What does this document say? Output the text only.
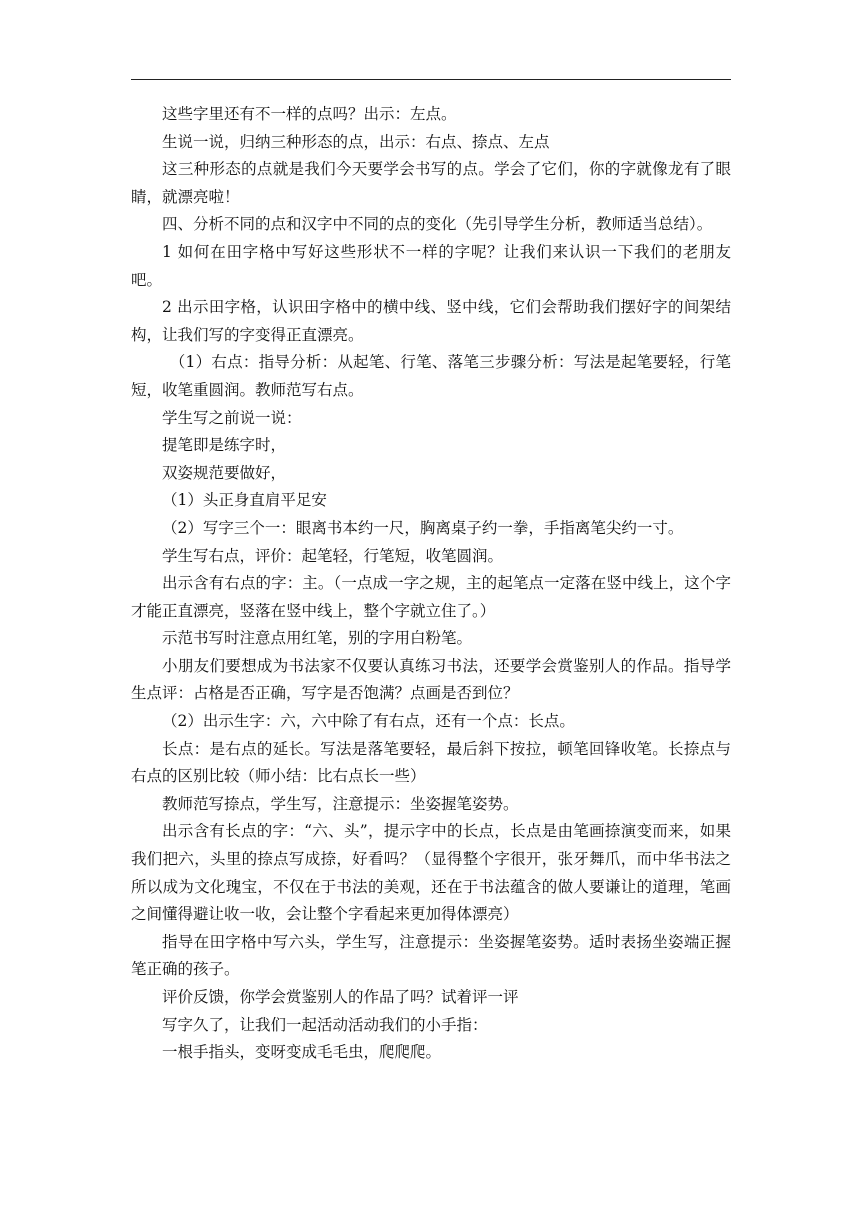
这些字里还有不一样的点吗？出示：左点。

生说一说，归纳三种形态的点，出示：右点、捺点、左点

这三种形态的点就是我们今天要学会书写的点。学会了它们，你的字就像龙有了眼睛，就漂亮啦！

四、分析不同的点和汉字中不同的点的变化（先引导学生分析，教师适当总结）。

1 如何在田字格中写好这些形状不一样的字呢？让我们来认识一下我们的老朋友吧。

2 出示田字格，认识田字格中的横中线、竖中线，它们会帮助我们摆好字的间架结构，让我们写的字变得正直漂亮。

（1）右点：指导分析：从起笔、行笔、落笔三步骤分析：写法是起笔要轻，行笔短，收笔重圆润。教师范写右点。

学生写之前说一说：

提笔即是练字时，

双姿规范要做好，

（1）头正身直肩平足安

（2）写字三个一：眼离书本约一尺，胸离桌子约一拳，手指离笔尖约一寸。

学生写右点，评价：起笔轻，行笔短，收笔圆润。

出示含有右点的字：主。（一点成一字之规，主的起笔点一定落在竖中线上，这个字才能正直漂亮，竖落在竖中线上，整个字就立住了。）

示范书写时注意点用红笔，别的字用白粉笔。

小朋友们要想成为书法家不仅要认真练习书法，还要学会赏鉴别人的作品。指导学生点评：占格是否正确，写字是否饱满？点画是否到位？

（2）出示生字：六，六中除了有右点，还有一个点：长点。

长点：是右点的延长。写法是落笔要轻，最后斜下按拉，顿笔回锋收笔。长捺点与右点的区别比较（师小结：比右点长一些）

教师范写捺点，学生写，注意提示：坐姿握笔姿势。

出示含有长点的字：“六、头”，提示字中的长点，长点是由笔画捺演变而来，如果我们把六，头里的捺点写成捺，好看吗？（显得整个字很开，张牙舞爪，而中华书法之所以成为文化瑰宝，不仅在于书法的美观，还在于书法蕴含的做人要谦让的道理，笔画之间懂得避让收一收，会让整个字看起来更加得体漂亮）

指导在田字格中写六头，学生写，注意提示：坐姿握笔姿势。适时表扬坐姿端正握笔正确的孩子。

评价反馈，你学会赏鉴别人的作品了吗？试着评一评

写字久了，让我们一起活动活动我们的小手指：

一根手指头，变呀变成毛毛虫，爬爬爬。
